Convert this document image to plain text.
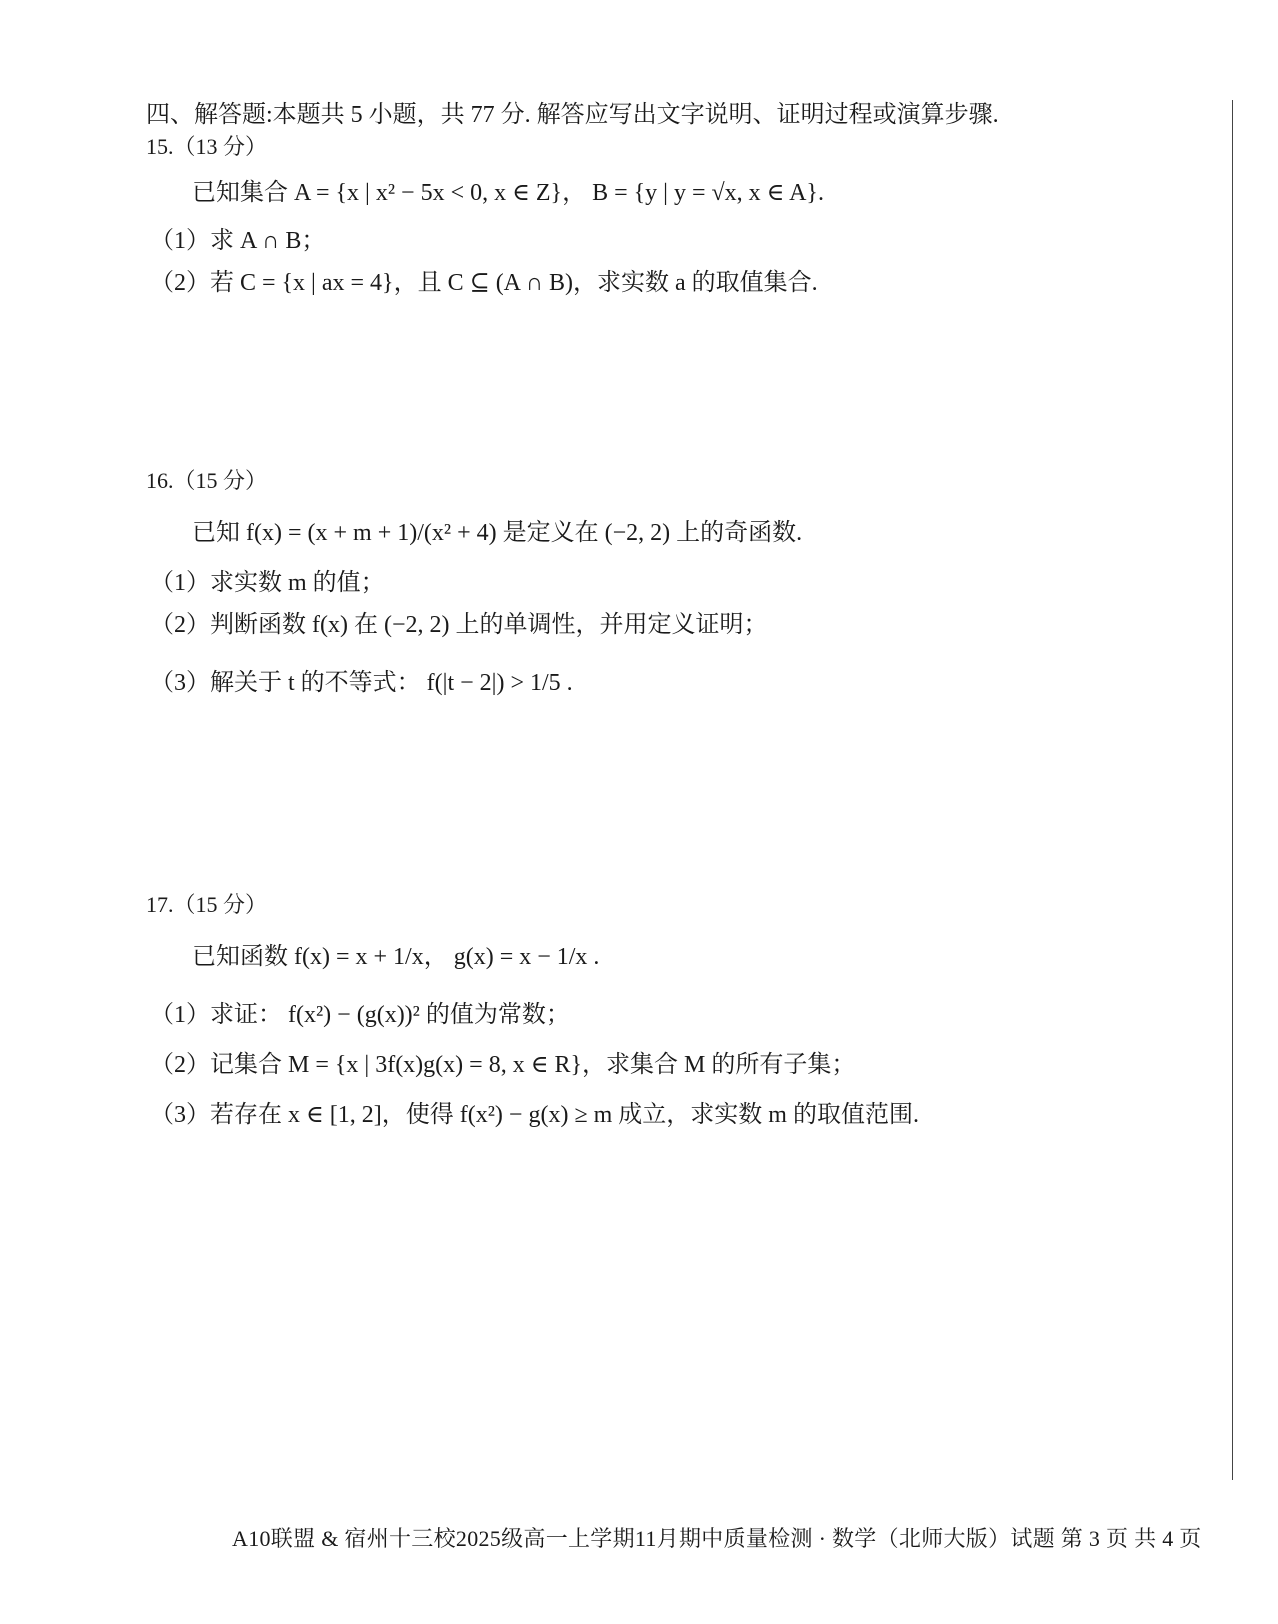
四、解答题:本题共 5 小题，共 77 分. 解答应写出文字说明、证明过程或演算步骤.
15.（13 分）
已知集合 A = {x | x² − 5x < 0, x ∈ Z}， B = {y | y = √x, x ∈ A}.
（1）求 A ∩ B；
（2）若 C = {x | ax = 4}，且 C ⊆ (A ∩ B)，求实数 a 的取值集合.
16.（15 分）
已知 f(x) = (x + m + 1)/(x² + 4) 是定义在 (−2, 2) 上的奇函数.
（1）求实数 m 的值；
（2）判断函数 f(x) 在 (−2, 2) 上的单调性，并用定义证明；
（3）解关于 t 的不等式： f(|t − 2|) > 1/5 .
17.（15 分）
已知函数 f(x) = x + 1/x， g(x) = x − 1/x .
（1）求证： f(x²) − (g(x))² 的值为常数；
（2）记集合 M = {x | 3f(x)g(x) = 8, x ∈ R}，求集合 M 的所有子集；
（3）若存在 x ∈ [1, 2]，使得 f(x²) − g(x) ≥ m 成立，求实数 m 的取值范围.
A10联盟 & 宿州十三校2025级高一上学期11月期中质量检测 · 数学（北师大版）试题 第 3 页 共 4 页
